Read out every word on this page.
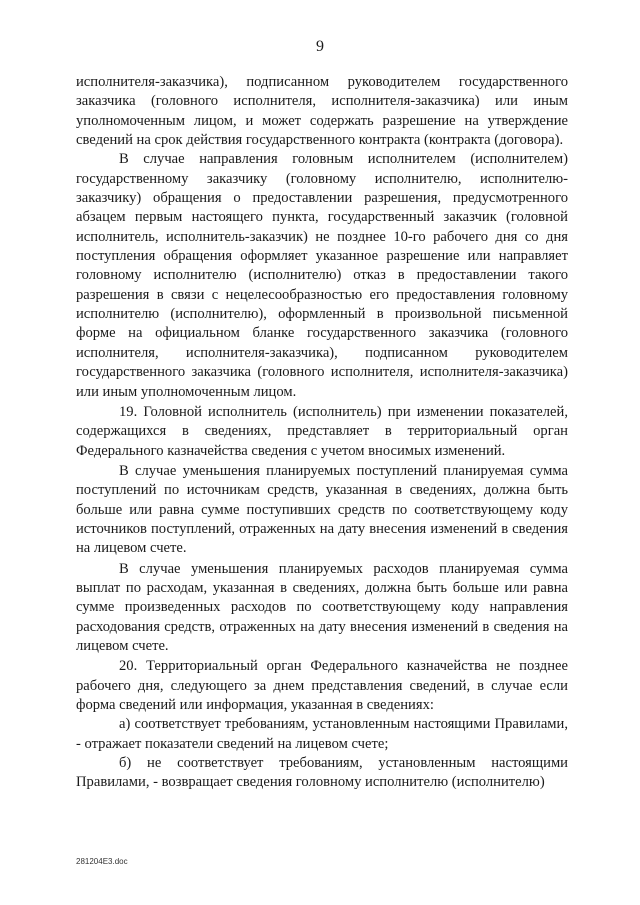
9

исполнителя-заказчика), подписанном руководителем государственного заказчика (головного исполнителя, исполнителя-заказчика) или иным уполномоченным лицом, и может содержать разрешение на утверждение сведений на срок действия государственного контракта (контракта (договора).

В случае направления головным исполнителем (исполнителем) государственному заказчику (головному исполнителю, исполнителю-заказчику) обращения о предоставлении разрешения, предусмотренного абзацем первым настоящего пункта, государственный заказчик (головной исполнитель, исполнитель-заказчик) не позднее 10-го рабочего дня со дня поступления обращения оформляет указанное разрешение или направляет головному исполнителю (исполнителю) отказ в предоставлении такого разрешения в связи с нецелесообразностью его предоставления головному исполнителю (исполнителю), оформленный в произвольной письменной форме на официальном бланке государственного заказчика (головного исполнителя, исполнителя-заказчика), подписанном руководителем государственного заказчика (головного исполнителя, исполнителя-заказчика) или иным уполномоченным лицом.

19. Головной исполнитель (исполнитель) при изменении показателей, содержащихся в сведениях, представляет в территориальный орган Федерального казначейства сведения с учетом вносимых изменений.

В случае уменьшения планируемых поступлений планируемая сумма поступлений по источникам средств, указанная в сведениях, должна быть больше или равна сумме поступивших средств по соответствующему коду источников поступлений, отраженных на дату внесения изменений в сведения на лицевом счете.

В случае уменьшения планируемых расходов планируемая сумма выплат по расходам, указанная в сведениях, должна быть больше или равна сумме произведенных расходов по соответствующему коду направления расходования средств, отраженных на дату внесения изменений в сведения на лицевом счете.

20. Территориальный орган Федерального казначейства не позднее рабочего дня, следующего за днем представления сведений, в случае если форма сведений или информация, указанная в сведениях:

а) соответствует требованиям, установленным настоящими Правилами, - отражает показатели сведений на лицевом счете;

б) не соответствует требованиям, установленным настоящими Правилами, - возвращает сведения головному исполнителю (исполнителю)

281204E3.doc
